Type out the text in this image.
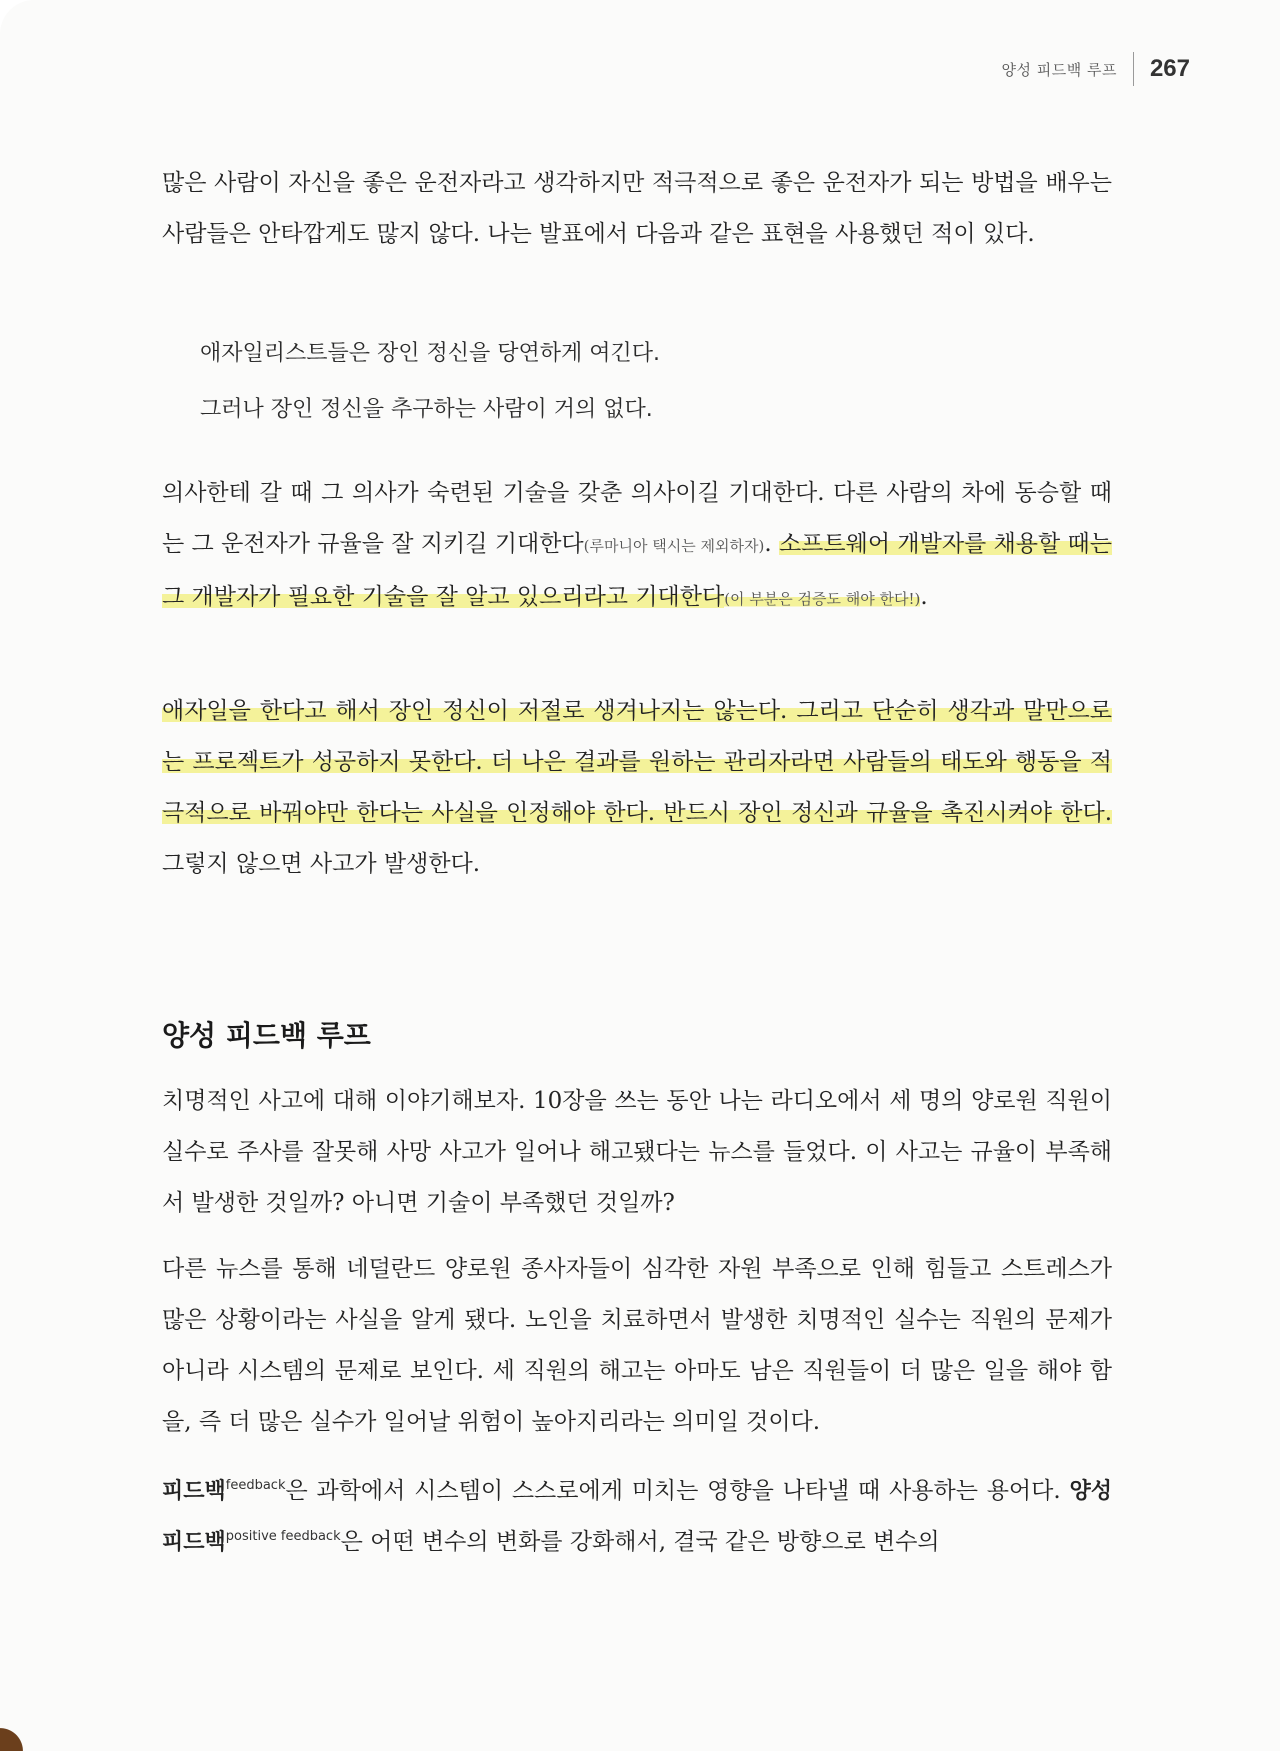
양성 피드백 루프 267

많은 사람이 자신을 좋은 운전자라고 생각하지만 적극적으로 좋은 운전자가 되는 방법을 배우는 사람들은 안타깝게도 많지 않다. 나는 발표에서 다음과 같은 표현을 사용했던 적이 있다.

애자일리스트들은 장인 정신을 당연하게 여긴다.

그러나 장인 정신을 추구하는 사람이 거의 없다.

의사한테 갈 때 그 의사가 숙련된 기술을 갖춘 의사이길 기대한다. 다른 사람의 차에 동승할 때는 그 운전자가 규율을 잘 지키길 기대한다(루마니아 택시는 제외하자). 소프트웨어 개발자를 채용할 때는 그 개발자가 필요한 기술을 잘 알고 있으리라고 기대한다(이 부분은 검증도 해야 한다!).

애자일을 한다고 해서 장인 정신이 저절로 생겨나지는 않는다. 그리고 단순히 생각과 말만으로는 프로젝트가 성공하지 못한다. 더 나은 결과를 원하는 관리자라면 사람들의 태도와 행동을 적극적으로 바꿔야만 한다는 사실을 인정해야 한다. 반드시 장인 정신과 규율을 촉진시켜야 한다. 그렇지 않으면 사고가 발생한다.

양성 피드백 루프

치명적인 사고에 대해 이야기해보자. 10장을 쓰는 동안 나는 라디오에서 세 명의 양로원 직원이 실수로 주사를 잘못해 사망 사고가 일어나 해고됐다는 뉴스를 들었다. 이 사고는 규율이 부족해서 발생한 것일까? 아니면 기술이 부족했던 것일까?

다른 뉴스를 통해 네덜란드 양로원 종사자들이 심각한 자원 부족으로 인해 힘들고 스트레스가 많은 상황이라는 사실을 알게 됐다. 노인을 치료하면서 발생한 치명적인 실수는 직원의 문제가 아니라 시스템의 문제로 보인다. 세 직원의 해고는 아마도 남은 직원들이 더 많은 일을 해야 함을, 즉 더 많은 실수가 일어날 위험이 높아지리라는 의미일 것이다.

피드백$^{feedback}$은 과학에서 시스템이 스스로에게 미치는 영향을 나타낼 때 사용하는 용어다. 양성 피드백$^{positive feedback}$은 어떤 변수의 변화를 강화해서, 결국 같은 방향으로 변수의
